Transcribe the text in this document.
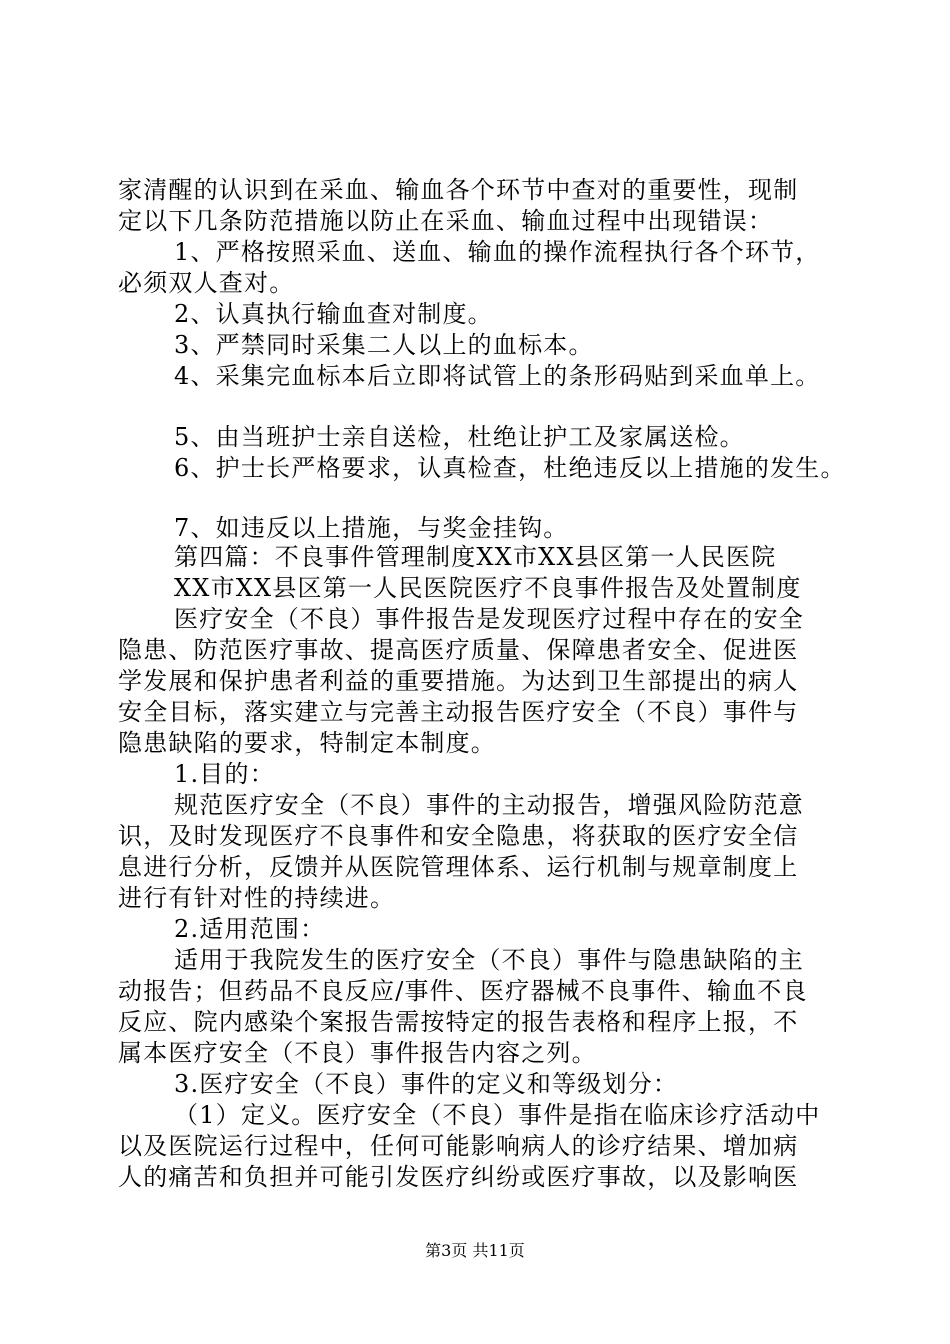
家清醒的认识到在采血、输血各个环节中查对的重要性，现制
定以下几条防范措施以防止在采血、输血过程中出现错误：
1、严格按照采血、送血、输血的操作流程执行各个环节，
必须双人查对。
2、认真执行输血查对制度。
3、严禁同时采集二人以上的血标本。
4、采集完血标本后立即将试管上的条形码贴到采血单上。
5、由当班护士亲自送检，杜绝让护工及家属送检。
6、护士长严格要求，认真检查，杜绝违反以上措施的发生。
7、如违反以上措施，与奖金挂钩。
第四篇：不良事件管理制度XX市XX县区第一人民医院
XX市XX县区第一人民医院医疗不良事件报告及处置制度
医疗安全（不良）事件报告是发现医疗过程中存在的安全
隐患、防范医疗事故、提高医疗质量、保障患者安全、促进医
学发展和保护患者利益的重要措施。为达到卫生部提出的病人
安全目标，落实建立与完善主动报告医疗安全（不良）事件与
隐患缺陷的要求，特制定本制度。
1.目的：
规范医疗安全（不良）事件的主动报告，增强风险防范意
识，及时发现医疗不良事件和安全隐患，将获取的医疗安全信
息进行分析，反馈并从医院管理体系、运行机制与规章制度上
进行有针对性的持续进。
2.适用范围：
适用于我院发生的医疗安全（不良）事件与隐患缺陷的主
动报告；但药品不良反应/事件、医疗器械不良事件、输血不良
反应、院内感染个案报告需按特定的报告表格和程序上报，不
属本医疗安全（不良）事件报告内容之列。
3.医疗安全（不良）事件的定义和等级划分：
（1）定义。医疗安全（不良）事件是指在临床诊疗活动中
以及医院运行过程中，任何可能影响病人的诊疗结果、增加病
人的痛苦和负担并可能引发医疗纠纷或医疗事故，以及影响医
第3页 共11页
